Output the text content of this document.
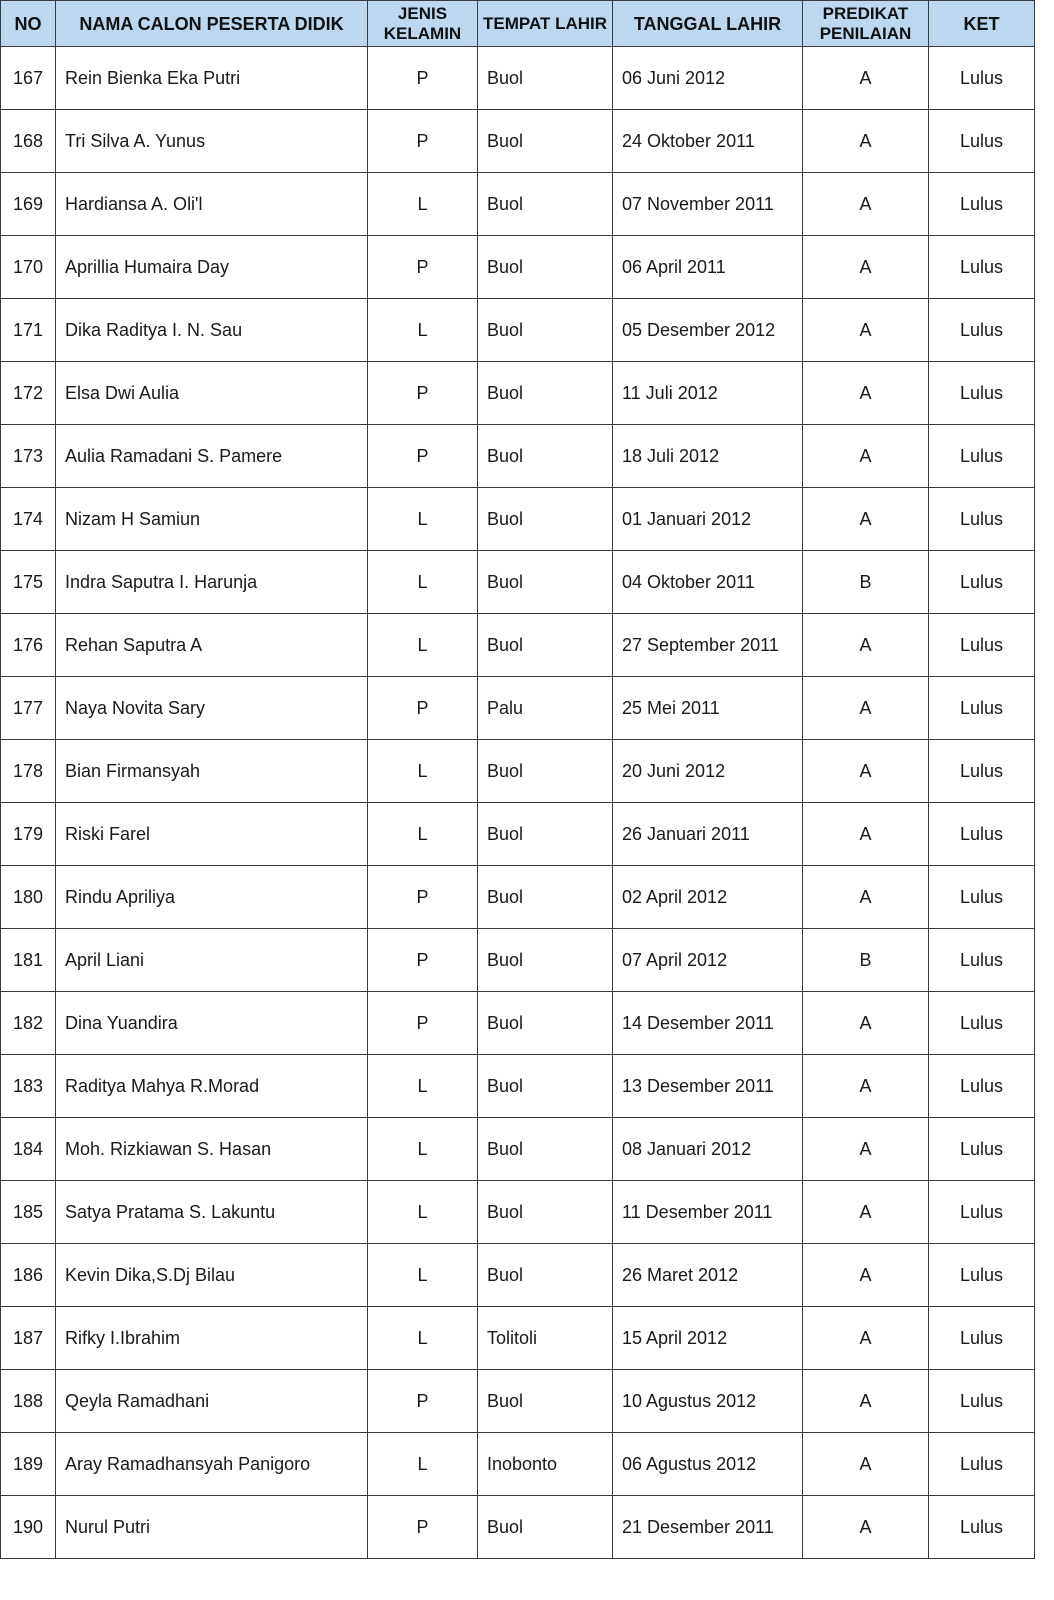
NO	NAMA CALON PESERTA DIDIK	JENIS KELAMIN	TEMPAT LAHIR	TANGGAL LAHIR	PREDIKAT PENILAIAN	KET
167	Rein Bienka Eka Putri	P	Buol	06 Juni 2012	A	Lulus
168	Tri Silva A. Yunus	P	Buol	24 Oktober 2011	A	Lulus
169	Hardiansa A. Oli'l	L	Buol	07 November 2011	A	Lulus
170	Aprillia Humaira Day	P	Buol	06 April 2011	A	Lulus
171	Dika Raditya I. N. Sau	L	Buol	05 Desember 2012	A	Lulus
172	Elsa Dwi Aulia	P	Buol	11 Juli 2012	A	Lulus
173	Aulia Ramadani S. Pamere	P	Buol	18 Juli 2012	A	Lulus
174	Nizam H Samiun	L	Buol	01 Januari 2012	A	Lulus
175	Indra Saputra I. Harunja	L	Buol	04 Oktober 2011	B	Lulus
176	Rehan Saputra A	L	Buol	27 September 2011	A	Lulus
177	Naya Novita Sary	P	Palu	25 Mei 2011	A	Lulus
178	Bian Firmansyah	L	Buol	20 Juni 2012	A	Lulus
179	Riski Farel	L	Buol	26 Januari 2011	A	Lulus
180	Rindu Apriliya	P	Buol	02 April 2012	A	Lulus
181	April Liani	P	Buol	07 April 2012	B	Lulus
182	Dina Yuandira	P	Buol	14 Desember 2011	A	Lulus
183	Raditya Mahya R.Morad	L	Buol	13 Desember 2011	A	Lulus
184	Moh. Rizkiawan S. Hasan	L	Buol	08 Januari 2012	A	Lulus
185	Satya Pratama S. Lakuntu	L	Buol	11 Desember 2011	A	Lulus
186	Kevin Dika,S.Dj Bilau	L	Buol	26 Maret 2012	A	Lulus
187	Rifky I.Ibrahim	L	Tolitoli	15 April 2012	A	Lulus
188	Qeyla Ramadhani	P	Buol	10 Agustus 2012	A	Lulus
189	Aray Ramadhansyah Panigoro	L	Inobonto	06 Agustus 2012	A	Lulus
190	Nurul Putri	P	Buol	21 Desember 2011	A	Lulus
